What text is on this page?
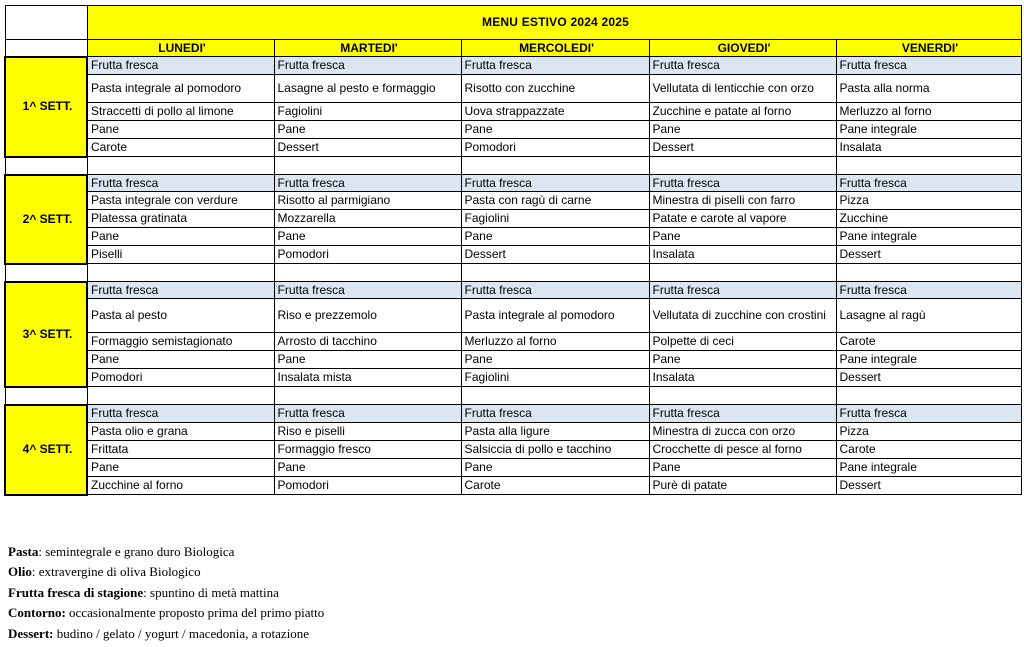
	MENU ESTIVO 2024 2025				
	LUNEDI'	MARTEDI'	MERCOLEDI'	GIOVEDI'	VENERDI'
1^ SETT.	Frutta fresca	Frutta fresca	Frutta fresca	Frutta fresca	Frutta fresca
	Pasta integrale al pomodoro	Lasagne al pesto e formaggio	Risotto con zucchine	Vellutata di lenticchie con orzo	Pasta alla norma
	Straccetti di pollo al limone	Fagiolini	Uova strappazzate	Zucchine e patate al forno	Merluzzo al forno
	Pane	Pane	Pane	Pane	Pane integrale
	Carote	Dessert	Pomodori	Dessert	Insalata

2^ SETT.	Frutta fresca	Frutta fresca	Frutta fresca	Frutta fresca	Frutta fresca
	Pasta integrale con verdure	Risotto al parmigiano	Pasta con ragù di carne	Minestra di piselli con farro	Pizza
	Platessa gratinata	Mozzarella	Fagiolini	Patate e carote al vapore	Zucchine
	Pane	Pane	Pane	Pane	Pane integrale
	Piselli	Pomodori	Dessert	Insalata	Dessert

3^ SETT.	Frutta fresca	Frutta fresca	Frutta fresca	Frutta fresca	Frutta fresca
	Pasta al pesto	Riso e prezzemolo	Pasta integrale al pomodoro	Vellutata di zucchine con crostini	Lasagne al ragù
	Formaggio semistagionato	Arrosto di tacchino	Merluzzo al forno	Polpette di ceci	Carote
	Pane	Pane	Pane	Pane	Pane integrale
	Pomodori	Insalata mista	Fagiolini	Insalata	Dessert

4^ SETT.	Frutta fresca	Frutta fresca	Frutta fresca	Frutta fresca	Frutta fresca
	Pasta olio e grana	Riso e piselli	Pasta alla ligure	Minestra di zucca con orzo	Pizza
	Frittata	Formaggio fresco	Salsiccia di pollo e tacchino	Crocchette di pesce al forno	Carote
	Pane	Pane	Pane	Pane	Pane integrale
	Zucchine al forno	Pomodori	Carote	Purè di patate	Dessert
Pasta: semintegrale e grano duro Biologica
Olio: extravergine di oliva Biologico
Frutta fresca di stagione: spuntino di metà mattina
Contorno: occasionalmente proposto prima del primo piatto
Dessert: budino / gelato / yogurt / macedonia, a rotazione
